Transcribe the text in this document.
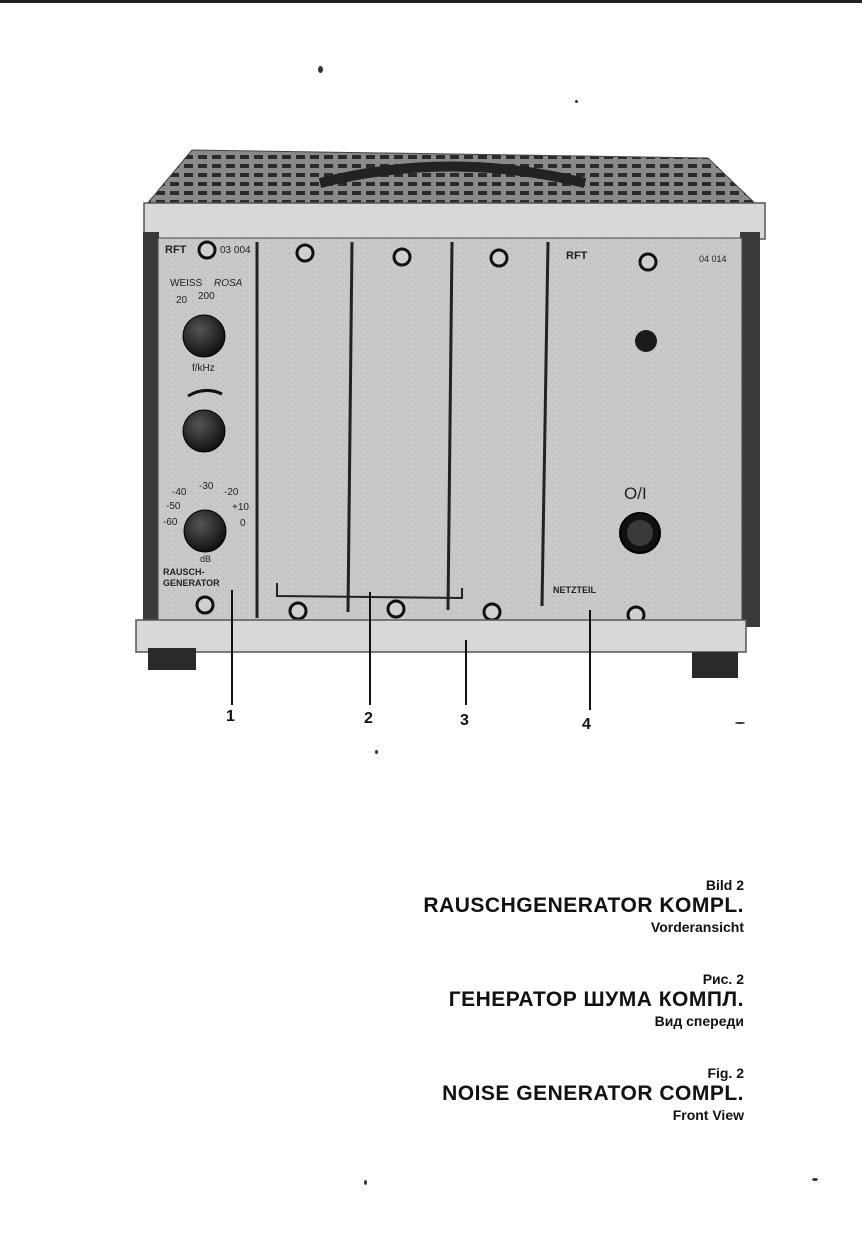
RFT	03 004
WEISS ROSA
20 200
f/kHz
-40
-30
-20
-50	+10
-60	0
dB
RAUSCH-
GENERATOR
RFT	04 014
O/I
NETZTEIL
1	2	3	4
Bild 2
RAUSCHGENERATOR KOMPL.
Vorderansicht
Рис. 2
ГЕНЕРАТОР ШУМА КОМПЛ.
Вид спереди
Fig. 2
NOISE GENERATOR COMPL.
Front View
